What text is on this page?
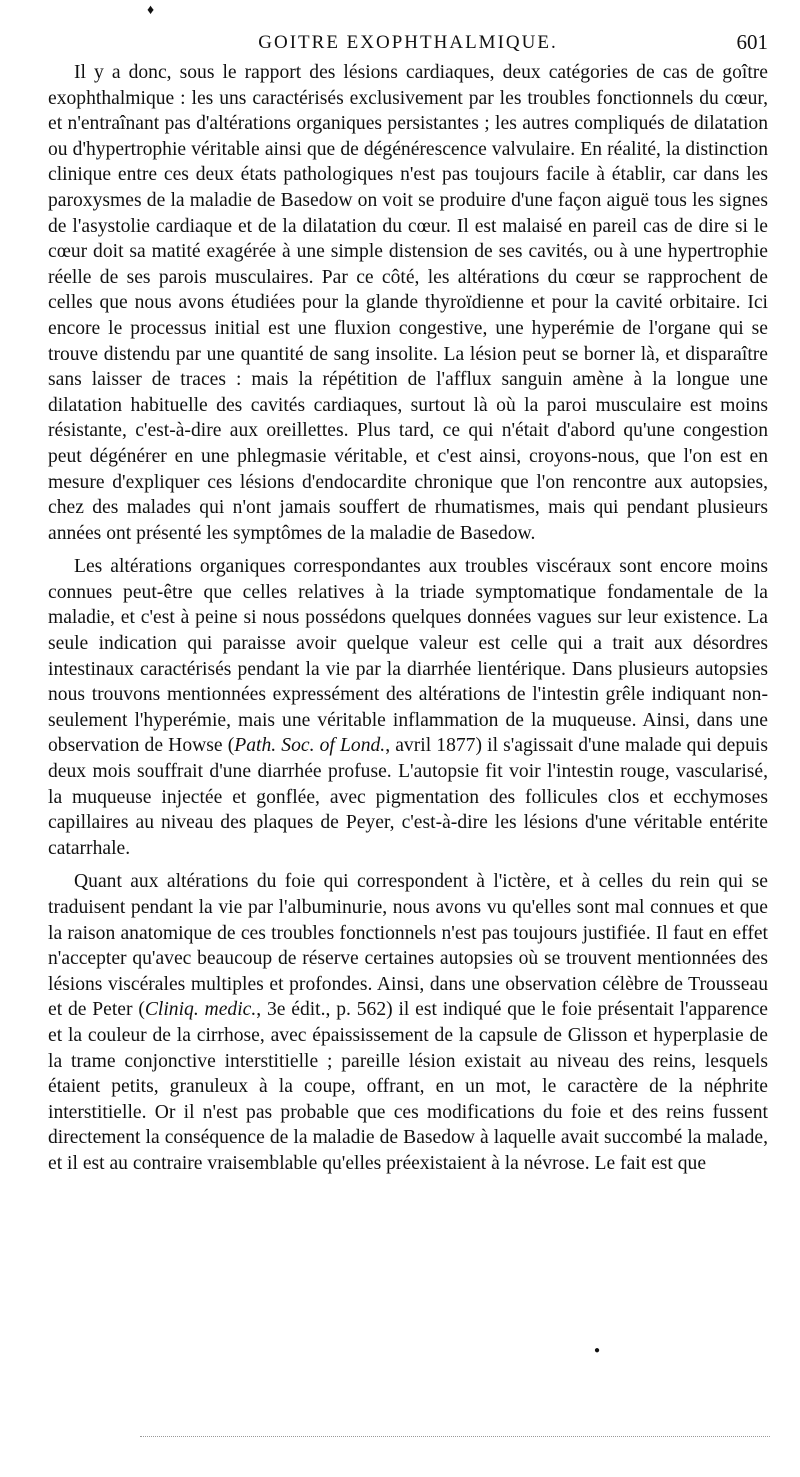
GOITRE EXOPHTHALMIQUE.	601

Il y a donc, sous le rapport des lésions cardiaques, deux catégories de cas de goître exophthalmique : les uns caractérisés exclusivement par les troubles fonctionnels du cœur, et n'entraînant pas d'altérations organiques persistantes ; les autres compliqués de dilatation ou d'hypertrophie véritable ainsi que de dégénérescence valvulaire. En réalité, la distinction clinique entre ces deux états pathologiques n'est pas toujours facile à établir, car dans les paroxysmes de la maladie de Basedow on voit se produire d'une façon aiguë tous les signes de l'asystolie cardiaque et de la dilatation du cœur. Il est malaisé en pareil cas de dire si le cœur doit sa matité exagérée à une simple distension de ses cavités, ou à une hypertrophie réelle de ses parois musculaires. Par ce côté, les altérations du cœur se rapprochent de celles que nous avons étudiées pour la glande thyroïdienne et pour la cavité orbitaire. Ici encore le processus initial est une fluxion congestive, une hyperémie de l'organe qui se trouve distendu par une quantité de sang insolite. La lésion peut se borner là, et disparaître sans laisser de traces : mais la répétition de l'afflux sanguin amène à la longue une dilatation habituelle des cavités cardiaques, surtout là où la paroi musculaire est moins résistante, c'est-à-dire aux oreillettes. Plus tard, ce qui n'était d'abord qu'une congestion peut dégénérer en une phlegmasie véritable, et c'est ainsi, croyons-nous, que l'on est en mesure d'expliquer ces lésions d'endocardite chronique que l'on rencontre aux autopsies, chez des malades qui n'ont jamais souffert de rhumatismes, mais qui pendant plusieurs années ont présenté les symptômes de la maladie de Basedow.

Les altérations organiques correspondantes aux troubles viscéraux sont encore moins connues peut-être que celles relatives à la triade symptomatique fondamentale de la maladie, et c'est à peine si nous possédons quelques données vagues sur leur existence. La seule indication qui paraisse avoir quelque valeur est celle qui a trait aux désordres intestinaux caractérisés pendant la vie par la diarrhée lientérique. Dans plusieurs autopsies nous trouvons mentionnées expressément des altérations de l'intestin grêle indiquant non-seulement l'hyperémie, mais une véritable inflammation de la muqueuse. Ainsi, dans une observation de Howse (Path. Soc. of Lond., avril 1877) il s'agissait d'une malade qui depuis deux mois souffrait d'une diarrhée profuse. L'autopsie fit voir l'intestin rouge, vascularisé, la muqueuse injectée et gonflée, avec pigmentation des follicules clos et ecchymoses capillaires au niveau des plaques de Peyer, c'est-à-dire les lésions d'une véritable entérite catarrhale.

Quant aux altérations du foie qui correspondent à l'ictère, et à celles du rein qui se traduisent pendant la vie par l'albuminurie, nous avons vu qu'elles sont mal connues et que la raison anatomique de ces troubles fonctionnels n'est pas toujours justifiée. Il faut en effet n'accepter qu'avec beaucoup de réserve certaines autopsies où se trouvent mentionnées des lésions viscérales multiples et profondes. Ainsi, dans une observation célèbre de Trousseau et de Peter (Cliniq. medic., 3e édit., p. 562) il est indiqué que le foie présentait l'apparence et la couleur de la cirrhose, avec épaississement de la capsule de Glisson et hyperplasie de la trame conjonctive interstitielle ; pareille lésion existait au niveau des reins, lesquels étaient petits, granuleux à la coupe, offrant, en un mot, le caractère de la néphrite interstitielle. Or il n'est pas probable que ces modifications du foie et des reins fussent directement la conséquence de la maladie de Basedow à laquelle avait succombé la malade, et il est au contraire vraisemblable qu'elles préexistaient à la névrose. Le fait est que

♦
●
